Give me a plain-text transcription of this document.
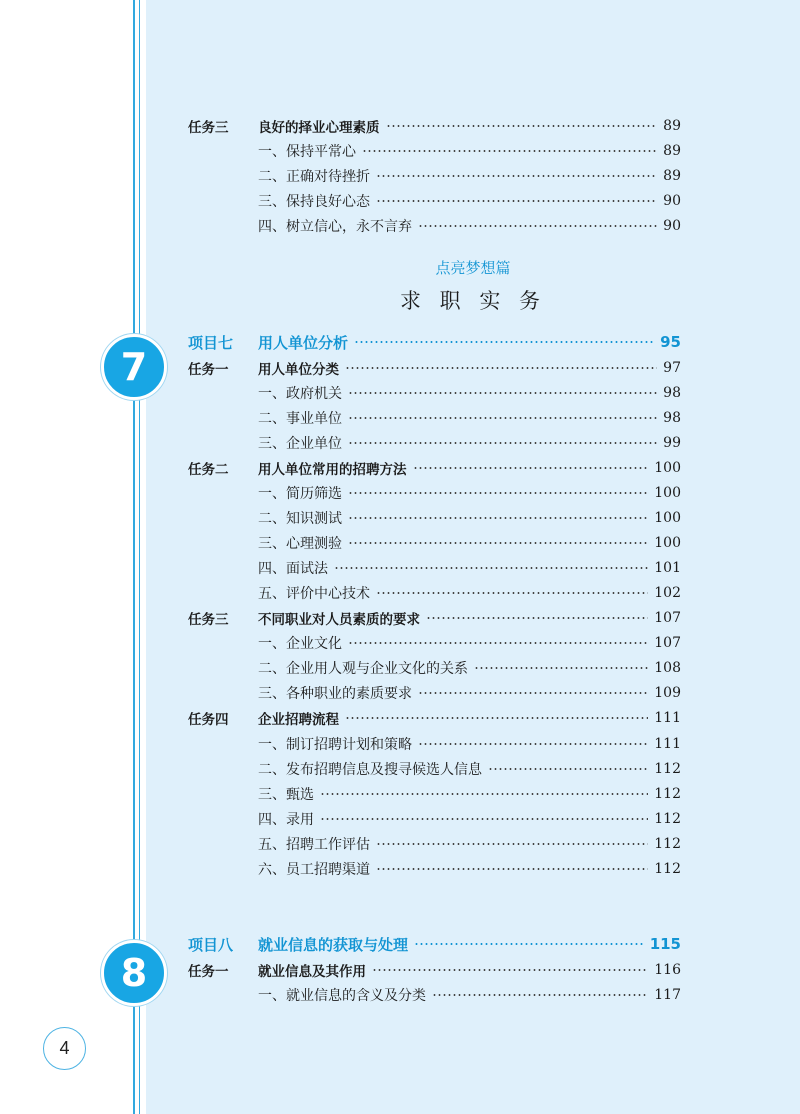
点亮梦想篇
求 职 实 务
7
8
任务三	良好的择业心理素质	89
一、保持平常心	89
二、正确对待挫折	89
三、保持良好心态	90
四、树立信心，永不言弃	90
项目七	用人单位分析	95
任务一	用人单位分类	97
一、政府机关	98
二、事业单位	98
三、企业单位	99
任务二	用人单位常用的招聘方法	100
一、简历筛选	100
二、知识测试	100
三、心理测验	100
四、面试法	101
五、评价中心技术	102
任务三	不同职业对人员素质的要求	107
一、企业文化	107
二、企业用人观与企业文化的关系	108
三、各种职业的素质要求	109
任务四	企业招聘流程	111
一、制订招聘计划和策略	111
二、发布招聘信息及搜寻候选人信息	112
三、甄选	112
四、录用	112
五、招聘工作评估	112
六、员工招聘渠道	112
项目八	就业信息的获取与处理	115
任务一	就业信息及其作用	116
一、就业信息的含义及分类	117
4
